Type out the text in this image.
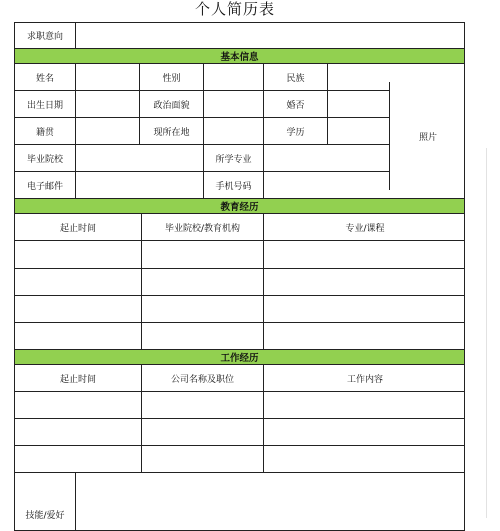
个人简历表
求职意向
基本信息
姓名	性别	民族
出生日期	政治面貌	婚否
籍贯	现所在地	学历
毕业院校	所学专业
电子邮件	手机号码
教育经历
起止时间	毕业院校/教育机构	专业/课程
工作经历
起止时间	公司名称及职位	工作内容
技能/爱好
照片
